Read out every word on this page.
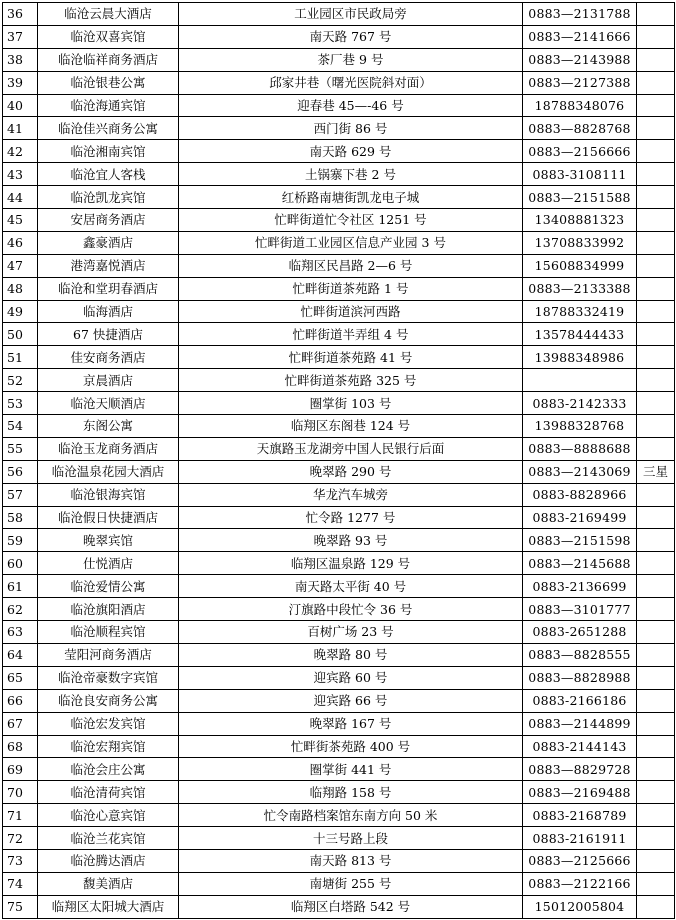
36	临沧云晨大酒店	工业园区市民政局旁	0883—2131788	
37	临沧双喜宾馆	南天路 767 号	0883—2141666	
38	临沧临祥商务酒店	茶厂巷 9 号	0883—2143988	
39	临沧银巷公寓	邱家井巷（曙光医院斜对面）	0883—2127388	
40	临沧海通宾馆	迎春巷 45—-46 号	18788348076	
41	临沧佳兴商务公寓	西门街 86 号	0883—8828768	
42	临沧湘南宾馆	南天路 629 号	0883—2156666	
43	临沧宜人客栈	土锅寨下巷 2 号	0883-3108111	
44	临沧凯龙宾馆	红桥路南塘街凯龙电子城	0883—2151588	
45	安居商务酒店	忙畔街道忙令社区 1251 号	13408881323	
46	鑫豪酒店	忙畔街道工业园区信息产业园 3 号	13708833992	
47	港湾嘉悦酒店	临翔区民昌路 2—6 号	15608834999	
48	临沧和堂玥春酒店	忙畔街道茶苑路 1 号	0883—2133388	
49	临海酒店	忙畔街道滨河西路	18788332419	
50	67 快捷酒店	忙畔街道半弄组 4 号	13578444433	
51	佳安商务酒店	忙畔街道茶苑路 41 号	13988348986	
52	京晨酒店	忙畔街道茶苑路 325 号		
53	临沧天顺酒店	圈掌街 103 号	0883-2142333	
54	东阁公寓	临翔区东阁巷 124 号	13988328768	
55	临沧玉龙商务酒店	天旗路玉龙湖旁中国人民银行后面	0883—8888688	
56	临沧温泉花园大酒店	晚翠路 290 号	0883—2143069	三星
57	临沧银海宾馆	华龙汽车城旁	0883-8828966	
58	临沧假日快捷酒店	忙令路 1277 号	0883-2169499	
59	晚翠宾馆	晚翠路 93 号	0883—2151598	
60	仕悦酒店	临翔区温泉路 129 号	0883—2145688	
61	临沧爱情公寓	南天路太平街 40 号	0883-2136699	
62	临沧旗阳酒店	汀旗路中段忙令 36 号	0883—3101777	
63	临沧顺程宾馆	百树广场 23 号	0883-2651288	
64	莹阳河商务酒店	晚翠路 80 号	0883—8828555	
65	临沧帝豪数字宾馆	迎宾路 60 号	0883—8828988	
66	临沧良安商务公寓	迎宾路 66 号	0883-2166186	
67	临沧宏发宾馆	晚翠路 167 号	0883—2144899	
68	临沧宏翔宾馆	忙畔街茶苑路 400 号	0883-2144143	
69	临沧会庄公寓	圈掌街 441 号	0883—8829728	
70	临沧清荷宾馆	临翔路 158 号	0883—2169488	
71	临沧心意宾馆	忙令南路档案馆东南方向 50 米	0883-2168789	
72	临沧兰花宾馆	十三号路上段	0883-2161911	
73	临沧腾达酒店	南天路 813 号	0883—2125666	
74	馥美酒店	南塘街 255 号	0883—2122166	
75	临翔区太阳城大酒店	临翔区白塔路 542 号	15012005804	
